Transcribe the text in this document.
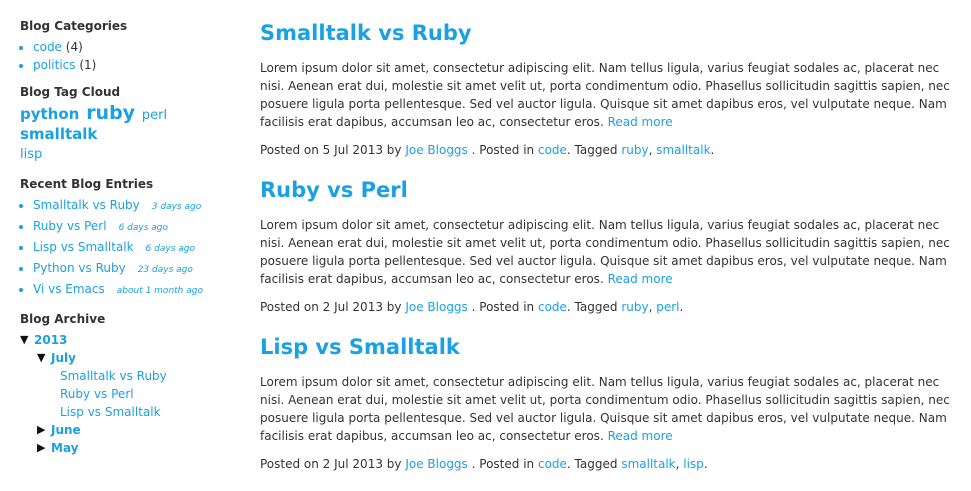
Blog Categories
• code (4)
• politics (1)
Blog Tag Cloud
python ruby perl smalltalk
lisp
Recent Blog Entries
• Smalltalk vs Ruby 3 days ago
• Ruby vs Perl 6 days ago
• Lisp vs Smalltalk 6 days ago
• Python vs Ruby 23 days ago
• Vi vs Emacs about 1 month ago
Blog Archive
▼ 2013
▼ July
Smalltalk vs Ruby
Ruby vs Perl
Lisp vs Smalltalk
▶ June
▶ May
Smalltalk vs Ruby

Lorem ipsum dolor sit amet, consectetur adipiscing elit. Nam tellus ligula, varius feugiat sodales ac, placerat nec nisi. Aenean erat dui, molestie sit amet velit ut, porta condimentum odio. Phasellus sollicitudin sagittis sapien, nec posuere ligula porta pellentesque. Sed vel auctor ligula. Quisque sit amet dapibus eros, vel vulputate neque. Nam facilisis erat dapibus, accumsan leo ac, consectetur eros. Read more

Posted on 5 Jul 2013 by Joe Bloggs . Posted in code. Tagged ruby, smalltalk.

Ruby vs Perl

Lorem ipsum dolor sit amet, consectetur adipiscing elit. Nam tellus ligula, varius feugiat sodales ac, placerat nec nisi. Aenean erat dui, molestie sit amet velit ut, porta condimentum odio. Phasellus sollicitudin sagittis sapien, nec posuere ligula porta pellentesque. Sed vel auctor ligula. Quisque sit amet dapibus eros, vel vulputate neque. Nam facilisis erat dapibus, accumsan leo ac, consectetur eros. Read more

Posted on 2 Jul 2013 by Joe Bloggs . Posted in code. Tagged ruby, perl.

Lisp vs Smalltalk

Lorem ipsum dolor sit amet, consectetur adipiscing elit. Nam tellus ligula, varius feugiat sodales ac, placerat nec nisi. Aenean erat dui, molestie sit amet velit ut, porta condimentum odio. Phasellus sollicitudin sagittis sapien, nec posuere ligula porta pellentesque. Sed vel auctor ligula. Quisque sit amet dapibus eros, vel vulputate neque. Nam facilisis erat dapibus, accumsan leo ac, consectetur eros. Read more

Posted on 2 Jul 2013 by Joe Bloggs . Posted in code. Tagged smalltalk, lisp.
